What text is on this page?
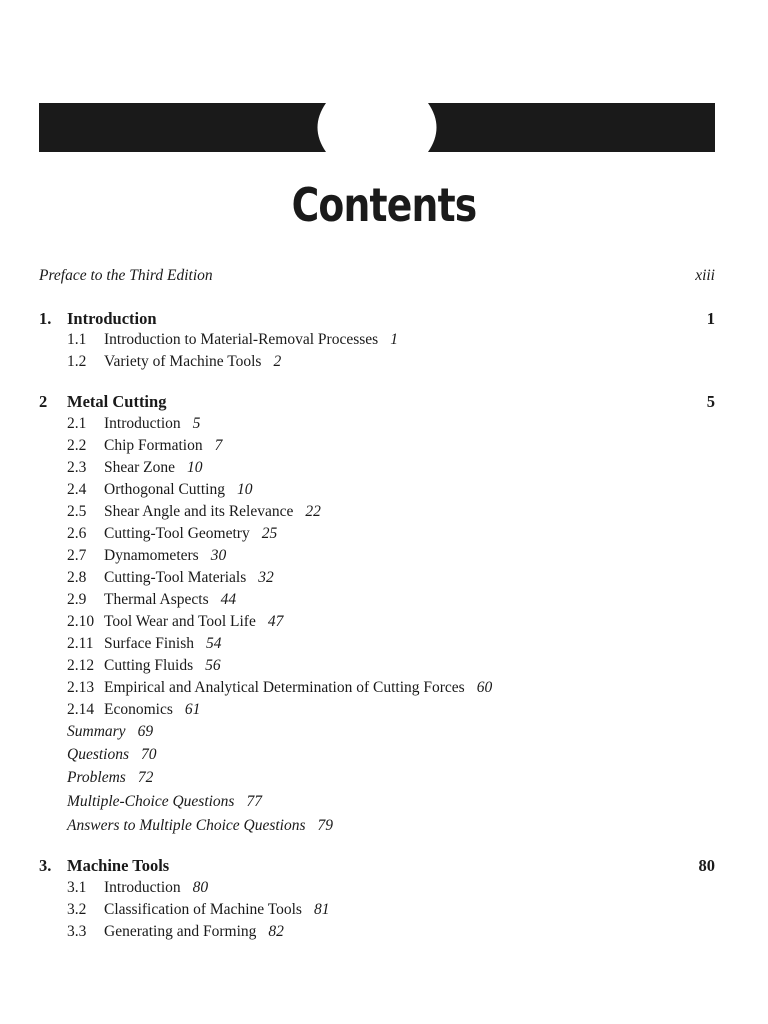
Contents
Preface to the Third Edition	xiii
1. Introduction	1
1.1 Introduction to Material-Removal Processes 1
1.2 Variety of Machine Tools 2
2	Metal Cutting	5
2.1 Introduction 5
2.2 Chip Formation 7
2.3 Shear Zone 10
2.4 Orthogonal Cutting 10
2.5 Shear Angle and its Relevance 22
2.6 Cutting-Tool Geometry 25
2.7 Dynamometers 30
2.8 Cutting-Tool Materials 32
2.9 Thermal Aspects 44
2.10 Tool Wear and Tool Life 47
2.11 Surface Finish 54
2.12 Cutting Fluids 56
2.13 Empirical and Analytical Determination of Cutting Forces 60
2.14 Economics 61
Summary 69
Questions 70
Problems 72
Multiple-Choice Questions 77
Answers to Multiple Choice Questions 79
3. Machine Tools	80
3.1 Introduction 80
3.2 Classification of Machine Tools 81
3.3 Generating and Forming 82
